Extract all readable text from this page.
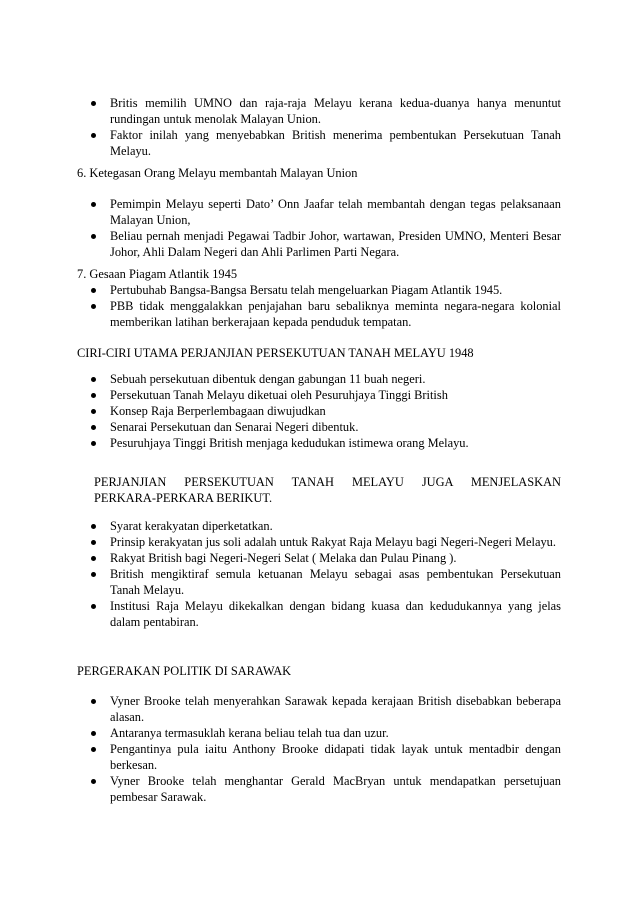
Britis memilih UMNO dan raja-raja Melayu kerana kedua-duanya hanya menuntut rundingan untuk menolak Malayan Union.
Faktor inilah yang menyebabkan British menerima pembentukan Persekutuan Tanah Melayu.

6. Ketegasan Orang Melayu membantah Malayan Union

Pemimpin Melayu seperti Dato’ Onn Jaafar telah membantah dengan tegas pelaksanaan Malayan Union,
Beliau pernah menjadi Pegawai Tadbir Johor, wartawan, Presiden UMNO, Menteri Besar Johor, Ahli Dalam Negeri dan Ahli Parlimen Parti Negara.

7. Gesaan Piagam Atlantik 1945

Pertubuhab Bangsa-Bangsa Bersatu telah mengeluarkan Piagam Atlantik 1945.
PBB tidak menggalakkan penjajahan baru sebaliknya meminta negara-negara kolonial memberikan latihan berkerajaan kepada penduduk tempatan.

CIRI-CIRI UTAMA PERJANJIAN PERSEKUTUAN TANAH MELAYU 1948

Sebuah persekutuan dibentuk dengan gabungan 11 buah negeri.
Persekutuan Tanah Melayu diketuai oleh Pesuruhjaya Tinggi British
Konsep Raja Berperlembagaan diwujudkan
Senarai Persekutuan dan Senarai Negeri dibentuk.
Pesuruhjaya Tinggi British menjaga kedudukan istimewa orang Melayu.

PERJANJIAN PERSEKUTUAN TANAH MELAYU JUGA MENJELASKAN

PERKARA-PERKARA BERIKUT.

Syarat kerakyatan diperketatkan.
Prinsip kerakyatan jus soli adalah untuk Rakyat Raja Melayu bagi Negeri-Negeri Melayu.
Rakyat British bagi Negeri-Negeri Selat ( Melaka dan Pulau Pinang ).
British mengiktiraf semula ketuanan Melayu sebagai asas pembentukan Persekutuan Tanah Melayu.
Institusi Raja Melayu dikekalkan dengan bidang kuasa dan kedudukannya yang jelas dalam pentabiran.

PERGERAKAN POLITIK DI SARAWAK

Vyner Brooke telah menyerahkan Sarawak kepada kerajaan British disebabkan beberapa alasan.
Antaranya termasuklah kerana beliau telah tua dan uzur.
Pengantinya pula iaitu Anthony Brooke didapati tidak layak untuk mentadbir dengan berkesan.
Vyner Brooke telah menghantar Gerald MacBryan untuk mendapatkan persetujuan pembesar Sarawak.
